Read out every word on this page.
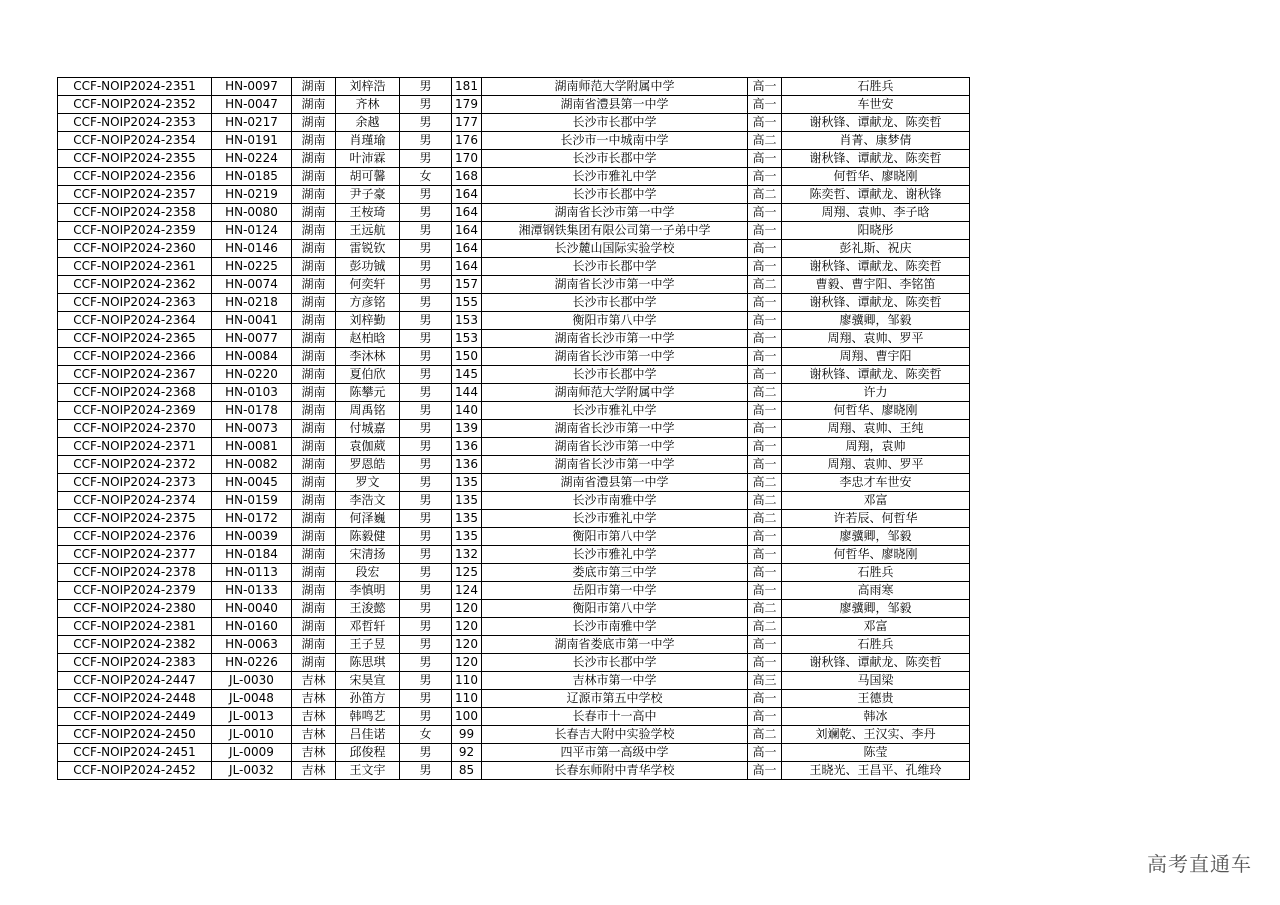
CCF-NOIP2024-2351	HN-0097	湖南	刘梓浩	男	181	湖南师范大学附属中学	高一	石胜兵
CCF-NOIP2024-2352	HN-0047	湖南	齐林	男	179	湖南省澧县第一中学	高一	车世安
CCF-NOIP2024-2353	HN-0217	湖南	余越	男	177	长沙市长郡中学	高一	谢秋锋、谭献龙、陈奕哲
CCF-NOIP2024-2354	HN-0191	湖南	肖瑾瑜	男	176	长沙市一中城南中学	高二	肖菁、康梦倩
CCF-NOIP2024-2355	HN-0224	湖南	叶沛霖	男	170	长沙市长郡中学	高一	谢秋锋、谭献龙、陈奕哲
CCF-NOIP2024-2356	HN-0185	湖南	胡可馨	女	168	长沙市雅礼中学	高一	何哲华、廖晓刚
CCF-NOIP2024-2357	HN-0219	湖南	尹子豪	男	164	长沙市长郡中学	高二	陈奕哲、谭献龙、谢秋锋
CCF-NOIP2024-2358	HN-0080	湖南	王桉琦	男	164	湖南省长沙市第一中学	高一	周翔、袁帅、李子晗
CCF-NOIP2024-2359	HN-0124	湖南	王远航	男	164	湘潭钢铁集团有限公司第一子弟中学	高一	阳晓彤
CCF-NOIP2024-2360	HN-0146	湖南	雷锐钦	男	164	长沙麓山国际实验学校	高一	彭礼斯、祝庆
CCF-NOIP2024-2361	HN-0225	湖南	彭功铖	男	164	长沙市长郡中学	高一	谢秋锋、谭献龙、陈奕哲
CCF-NOIP2024-2362	HN-0074	湖南	何奕轩	男	157	湖南省长沙市第一中学	高二	曹毅、曹宇阳、李铭笛
CCF-NOIP2024-2363	HN-0218	湖南	方彦铭	男	155	长沙市长郡中学	高一	谢秋锋、谭献龙、陈奕哲
CCF-NOIP2024-2364	HN-0041	湖南	刘梓勤	男	153	衡阳市第八中学	高一	廖骥卿，邹毅
CCF-NOIP2024-2365	HN-0077	湖南	赵柏晗	男	153	湖南省长沙市第一中学	高一	周翔、袁帅、罗平
CCF-NOIP2024-2366	HN-0084	湖南	李沐林	男	150	湖南省长沙市第一中学	高一	周翔、曹宇阳
CCF-NOIP2024-2367	HN-0220	湖南	夏伯欣	男	145	长沙市长郡中学	高一	谢秋锋、谭献龙、陈奕哲
CCF-NOIP2024-2368	HN-0103	湖南	陈攀元	男	144	湖南师范大学附属中学	高二	许力
CCF-NOIP2024-2369	HN-0178	湖南	周禹铭	男	140	长沙市雅礼中学	高一	何哲华、廖晓刚
CCF-NOIP2024-2370	HN-0073	湖南	付城嘉	男	139	湖南省长沙市第一中学	高一	周翔、袁帅、王纯
CCF-NOIP2024-2371	HN-0081	湖南	袁伽葳	男	136	湖南省长沙市第一中学	高一	周翔，袁帅
CCF-NOIP2024-2372	HN-0082	湖南	罗恩皓	男	136	湖南省长沙市第一中学	高一	周翔、袁帅、罗平
CCF-NOIP2024-2373	HN-0045	湖南	罗文	男	135	湖南省澧县第一中学	高二	李忠才车世安
CCF-NOIP2024-2374	HN-0159	湖南	李浩文	男	135	长沙市南雅中学	高二	邓富
CCF-NOIP2024-2375	HN-0172	湖南	何泽巍	男	135	长沙市雅礼中学	高二	许若辰、何哲华
CCF-NOIP2024-2376	HN-0039	湖南	陈毅健	男	135	衡阳市第八中学	高一	廖骥卿，邹毅
CCF-NOIP2024-2377	HN-0184	湖南	宋清扬	男	132	长沙市雅礼中学	高一	何哲华、廖晓刚
CCF-NOIP2024-2378	HN-0113	湖南	段宏	男	125	娄底市第三中学	高一	石胜兵
CCF-NOIP2024-2379	HN-0133	湖南	李慎明	男	124	岳阳市第一中学	高一	高雨寒
CCF-NOIP2024-2380	HN-0040	湖南	王浚懿	男	120	衡阳市第八中学	高二	廖骥卿，邹毅
CCF-NOIP2024-2381	HN-0160	湖南	邓哲轩	男	120	长沙市南雅中学	高二	邓富
CCF-NOIP2024-2382	HN-0063	湖南	王子昱	男	120	湖南省娄底市第一中学	高一	石胜兵
CCF-NOIP2024-2383	HN-0226	湖南	陈思琪	男	120	长沙市长郡中学	高一	谢秋锋、谭献龙、陈奕哲
CCF-NOIP2024-2447	JL-0030	吉林	宋昊宣	男	110	吉林市第一中学	高三	马国梁
CCF-NOIP2024-2448	JL-0048	吉林	孙笛方	男	110	辽源市第五中学校	高一	王德贵
CCF-NOIP2024-2449	JL-0013	吉林	韩鸣艺	男	100	长春市十一高中	高一	韩冰
CCF-NOIP2024-2450	JL-0010	吉林	吕佳诺	女	99	长春吉大附中实验学校	高二	刘斓乾、王汉实、李丹
CCF-NOIP2024-2451	JL-0009	吉林	邱俊程	男	92	四平市第一高级中学	高一	陈莹
CCF-NOIP2024-2452	JL-0032	吉林	王文宇	男	85	长春东师附中青华学校	高一	王晓光、王昌平、孔维玲
高考直通车
